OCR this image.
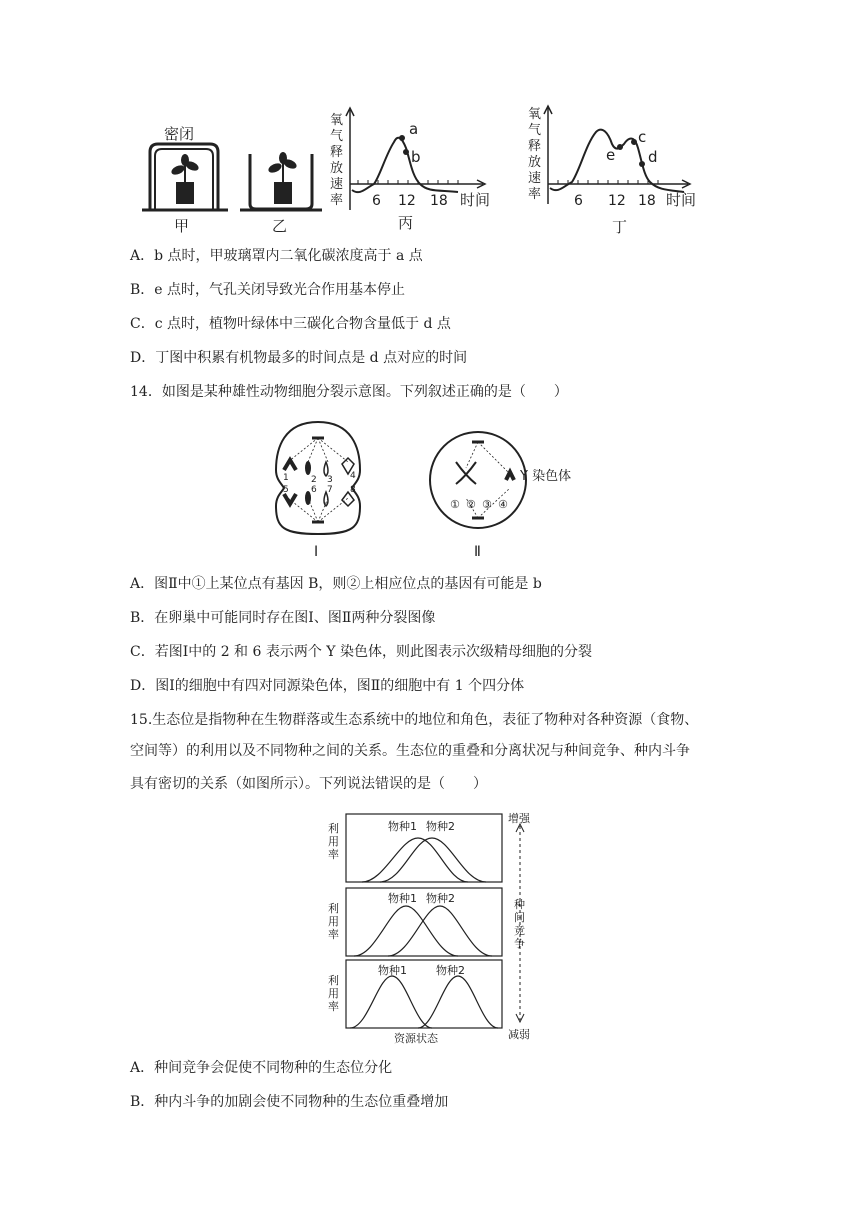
密闭
甲	乙
氧
气
释
放
速
率
a
b
6 12 18 时间
丙
氧
气
释
放
速
率
e
c
d
6 12 18 时间
丁
A．b 点时，甲玻璃罩内二氧化碳浓度高于 a 点
B．e 点时，气孔关闭导致光合作用基本停止
C．c 点时，植物叶绿体中三碳化合物含量低于 d 点
D．丁图中积累有机物最多的时间点是 d 点对应的时间
14．如图是某种雄性动物细胞分裂示意图。下列叙述正确的是（　　）
1 2 3 4
5 6 7 8
Ⅰ
Y 染色体
① ② ③ ④
Ⅱ
A．图Ⅱ中①上某位点有基因 B，则②上相应位点的基因有可能是 b
B．在卵巢中可能同时存在图Ⅰ、图Ⅱ两种分裂图像
C．若图Ⅰ中的 2 和 6 表示两个 Y 染色体，则此图表示次级精母细胞的分裂
D．图Ⅰ的细胞中有四对同源染色体，图Ⅱ的细胞中有 1 个四分体
15.生态位是指物种在生物群落或生态系统中的地位和角色，表征了物种对各种资源（食物、
空间等）的利用以及不同物种之间的关系。生态位的重叠和分离状况与种间竞争、种内斗争
具有密切的关系（如图所示）。下列说法错误的是（　　）
利
用
率
利
用
率
利
用
率
物种1 物种2
物种1 物种2
物种1	物种2
资源状态
增强
种
间
竞
争
减弱
A．种间竞争会促使不同物种的生态位分化
B．种内斗争的加剧会使不同物种的生态位重叠增加
